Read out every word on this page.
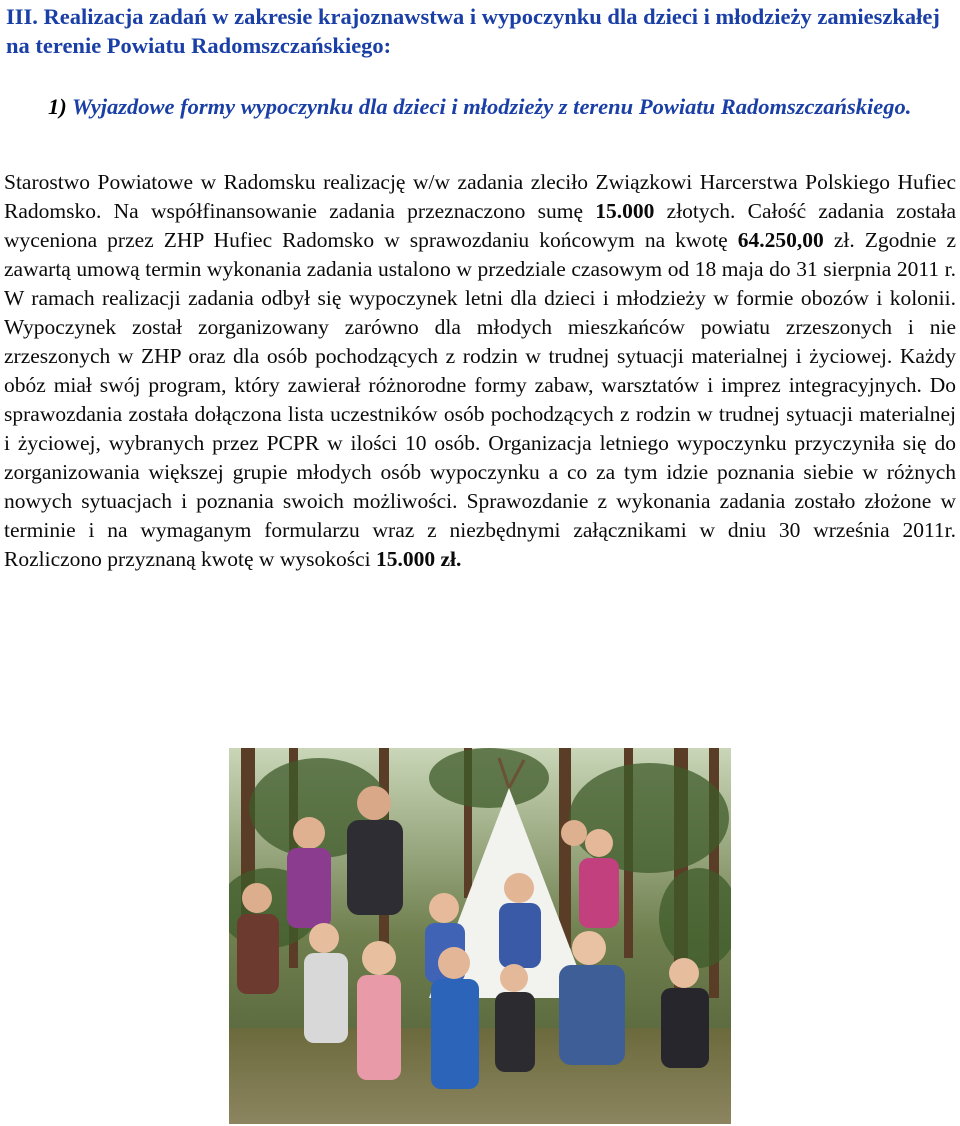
III. Realizacja zadań w zakresie krajoznawstwa i wypoczynku dla dzieci i młodzieży zamieszkałej na terenie Powiatu Radomszczańskiego:

1) Wyjazdowe formy wypoczynku dla dzieci i młodzieży z terenu Powiatu Radomszczańskiego.

Starostwo Powiatowe w Radomsku realizację w/w zadania zleciło Związkowi Harcerstwa Polskiego Hufiec Radomsko. Na współfinansowanie zadania przeznaczono sumę 15.000 złotych. Całość zadania została wyceniona przez ZHP Hufiec Radomsko w sprawozdaniu końcowym na kwotę 64.250,00 zł. Zgodnie z zawartą umową termin wykonania zadania ustalono w przedziale czasowym od 18 maja do 31 sierpnia 2011 r. W ramach realizacji zadania odbył się wypoczynek letni dla dzieci i młodzieży w formie obozów i kolonii. Wypoczynek został zorganizowany zarówno dla młodych mieszkańców powiatu zrzeszonych i nie zrzeszonych w ZHP oraz dla osób pochodzących z rodzin w trudnej sytuacji materialnej i życiowej. Każdy obóz miał swój program, który zawierał różnorodne formy zabaw, warsztatów i imprez integracyjnych. Do sprawozdania została dołączona lista uczestników osób pochodzących z rodzin w trudnej sytuacji materialnej i życiowej, wybranych przez PCPR w ilości 10 osób. Organizacja letniego wypoczynku przyczyniła się do zorganizowania większej grupie młodych osób wypoczynku a co za tym idzie poznania siebie w różnych nowych sytuacjach i poznania swoich możliwości. Sprawozdanie z wykonania zadania zostało złożone w terminie i na wymaganym formularzu wraz z niezbędnymi załącznikami w dniu 30 września 2011r. Rozliczono przyznaną kwotę w wysokości 15.000 zł.
